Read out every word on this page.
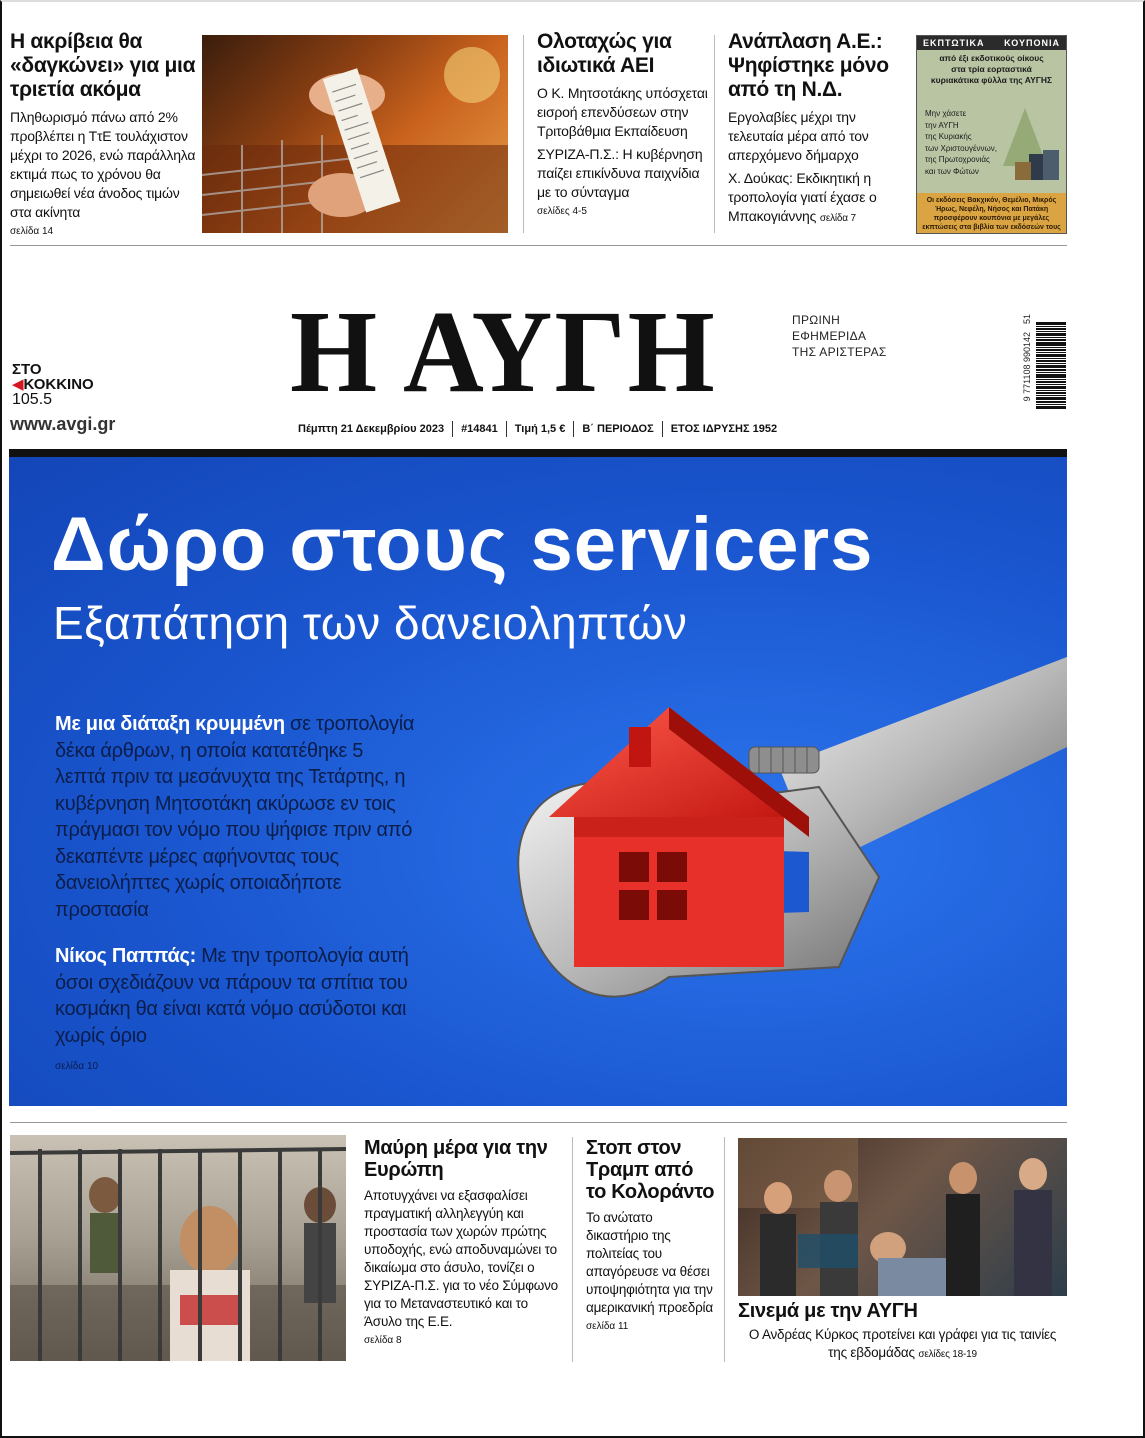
Η ακρίβεια θα «δαγκώνει» για μια τριετία ακόμα

Πληθωρισμό πάνω από 2% προβλέπει η ΤτΕ τουλάχιστον μέχρι το 2026, ενώ παράλληλα εκτιμά πως το χρόνου θα σημειωθεί νέα άνοδος τιμών στα ακίνητα

σελίδα 14
Ολοταχώς για ιδιωτικά ΑΕΙ

Ο Κ. Μητσοτάκης υπόσχεται εισροή επενδύσεων στην Τριτοβάθμια Εκπαίδευση

ΣΥΡΙΖΑ-Π.Σ.: Η κυβέρνηση παίζει επικίνδυνα παιχνίδια με το σύνταγμα

σελίδες 4-5
Ανάπλαση Α.Ε.: Ψηφίστηκε μόνο από τη Ν.Δ.

Εργολαβίες μέχρι την τελευταία μέρα από τον απερχόμενο δήμαρχο

Χ. Δούκας: Εκδικητική η τροπολογία γιατί έχασε ο Μπακογιάννης σελίδα 7

ΕΚΠΤΩΤΙΚΑ ΚΟΥΠΟΝΙΑ
από έξι εκδοτικούς οίκους
στα τρία εορταστικά
κυριακάτικα φύλλα της ΑΥΓΗΣ
Μην χάσετε
την ΑΥΓΗ
της Κυριακής
των Χριστουγέννων,
της Πρωτοχρονιάς
και των Φώτων
Οι εκδόσεις Βακχικόν, Θεμέλιο, Μικρός Ήρως, Νεφέλη, Νήσος και Πατάκη προσφέρουν κουπόνια με μεγάλες εκπτώσεις στα βιβλία των εκδόσεών τους
ΣΤΟ
◀ΚΟΚΚΙΝΟ
105.5
www.avgi.gr
Η ΑΥΓΗ	ΠΡΩΙΝΗ
ΕΦΗΜΕΡΙΔΑ
ΤΗΣ ΑΡΙΣΤΕΡΑΣ
Πέμπτη 21 Δεκεμβρίου 2023 #14841 Τιμή 1,5 € Β΄ ΠΕΡΙΟΔΟΣ ΕΤΟΣ ΙΔΡΥΣΗΣ 1952
9 771108 990142
51
Δώρο στους servicers
Εξαπάτηση των δανειοληπτών
Με μια διάταξη κρυμμένη σε τροπολογία δέκα άρθρων, η οποία κατατέθηκε 5 λεπτά πριν τα μεσάνυχτα της Τετάρτης, η κυβέρνηση Μητσοτάκη ακύρωσε εν τοις πράγμασι τον νόμο που ψήφισε πριν από δεκαπέντε μέρες αφήνοντας τους δανειολήπτες χωρίς οποιαδήποτε προστασία
Νίκος Παππάς: Με την τροπολογία αυτή όσοι σχεδιάζουν να πάρουν τα σπίτια του κοσμάκη θα είναι κατά νόμο ασύδοτοι και χωρίς όριο
σελίδα 10
Μαύρη μέρα για την Ευρώπη

Αποτυγχάνει να εξασφαλίσει πραγματική αλληλεγγύη και προστασία των χωρών πρώτης υποδοχής, ενώ αποδυναμώνει το δικαίωμα στο άσυλο, τονίζει ο ΣΥΡΙΖΑ-Π.Σ. για το νέο Σύμφωνο για το Μεταναστευτικό και το Άσυλο της Ε.Ε.

σελίδα 8
Στοπ στον Τραμπ από το Κολοράντο

Το ανώτατο δικαστήριο της πολιτείας του απαγόρευσε να θέσει υποψηφιότητα για την αμερικανική προεδρία

σελίδα 11
Σινεμά με την ΑΥΓΗ

Ο Ανδρέας Κύρκος προτείνει και γράφει για τις ταινίες της εβδομάδας σελίδες 18-19
